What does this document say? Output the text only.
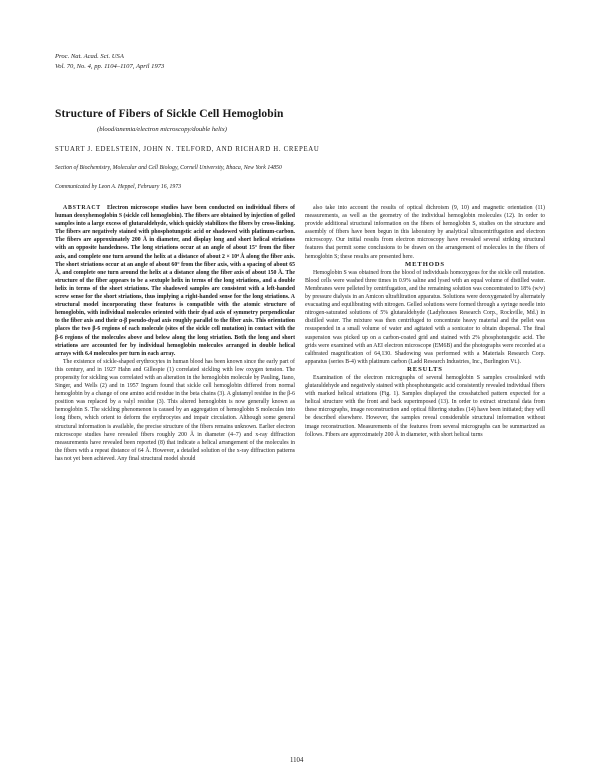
Proc. Nat. Acad. Sci. USA
Vol. 70, No. 4, pp. 1104–1107, April 1973
Structure of Fibers of Sickle Cell Hemoglobin
(blood/anemia/electron microscopy/double helix)
STUART J. EDELSTEIN, JOHN N. TELFORD, AND RICHARD H. CREPEAU
Section of Biochemistry, Molecular and Cell Biology, Cornell University, Ithaca, New York 14850
Communicated by Leon A. Heppel, February 16, 1973

ABSTRACT Electron microscope studies have been conducted on individual fibers of human deoxyhemoglobin S (sickle cell hemoglobin). The fibers are obtained by injection of gelled samples into a large excess of glutaraldehyde, which quickly stabilizes the fibers by cross-linking. The fibers are negatively stained with phosphotungstic acid or shadowed with platinum-carbon. The fibers are approximately 200 Å in diameter, and display long and short helical striations with an opposite handedness. The long striations occur at an angle of about 15° from the fiber axis, and complete one turn around the helix at a distance of about 2 × 10⁴ Å along the fiber axis. The short striations occur at an angle of about 60° from the fiber axis, with a spacing of about 65 Å, and complete one turn around the helix at a distance along the fiber axis of about 150 Å. The structure of the fiber appears to be a sextuple helix in terms of the long striations, and a double helix in terms of the short striations. The shadowed samples are consistent with a left-handed screw sense for the short striations, thus implying a right-handed sense for the long striations. A structural model incorporating these features is compatible with the atomic structure of hemoglobin, with individual molecules oriented with their dyad axis of symmetry perpendicular to the fiber axis and their α-β pseudo-dyad axis roughly parallel to the fiber axis. This orientation places the two β-6 regions of each molecule (sites of the sickle cell mutation) in contact with the β-6 regions of the molecules above and below along the long striation. Both the long and short striations are accounted for by individual hemoglobin molecules arranged in double helical arrays with 6.4 molecules per turn in each array.

The existence of sickle-shaped erythrocytes in human blood has been known since the early part of this century, and in 1927 Hahn and Gillespie (1) correlated sickling with low oxygen tension. The propensity for sickling was correlated with an alteration in the hemoglobin molecule by Pauling, Itano, Singer, and Wells (2) and in 1957 Ingram found that sickle cell hemoglobin differed from normal hemoglobin by a change of one amino acid residue in the beta chains (3). A glutamyl residue in the β-6 position was replaced by a valyl residue (3). This altered hemoglobin is now generally known as hemoglobin S. The sickling phenomenon is caused by an aggregation of hemoglobin S molecules into long fibers, which orient to deform the erythrocytes and impair circulation. Although some general structural information is available, the precise structure of the fibers remains unknown. Earlier electron microscope studies have revealed fibers roughly 200 Å in diameter (4–7) and x-ray diffraction measurements have revealed been reported (8) that indicate a helical arrangement of the molecules in the fibers with a repeat distance of 64 Å. However, a detailed solution of the x-ray diffraction patterns has not yet been achieved. Any final structural model should

also take into account the results of optical dichroism (9, 10) and magnetic orientation (11) measurements, as well as the geometry of the individual hemoglobin molecules (12). In order to provide additional structural information on the fibers of hemoglobin S, studies on the structure and assembly of fibers have been begun in this laboratory by analytical ultracentrifugation and electron microscopy. Our initial results from electron microscopy have revealed several striking structural features that permit some conclusions to be drawn on the arrangement of molecules in the fibers of hemoglobin S; these results are presented here.

METHODS

Hemoglobin S was obtained from the blood of individuals homozygous for the sickle cell mutation. Blood cells were washed three times in 0.9% saline and lysed with an equal volume of distilled water. Membranes were pelleted by centrifugation, and the remaining solution was concentrated to 18% (w/v) by pressure dialysis in an Amicon ultrafiltration apparatus. Solutions were deoxygenated by alternately evacuating and equilibrating with nitrogen. Gelled solutions were formed through a syringe needle into nitrogen-saturated solutions of 5% glutaraldehyde (Ladyhouses Research Corp., Rockville, Md.) in distilled water. The mixture was then centrifuged to concentrate heavy material and the pellet was resuspended in a small volume of water and agitated with a sonicator to obtain dispersal. The final suspension was picked up on a carbon-coated grid and stained with 2% phosphotungstic acid. The grids were examined with an AEI electron microscope (EM6B) and the photographs were recorded at a calibrated magnification of 64,130. Shadowing was performed with a Materials Research Corp. apparatus (series B-4) with platinum carbon (Ladd Research Industries, Inc., Burlington Vt.).

RESULTS

Examination of the electron micrographs of several hemoglobin S samples crosslinked with glutaraldehyde and negatively stained with phosphotungstic acid consistently revealed individual fibers with marked helical striations (Fig. 1). Samples displayed the crosshatched pattern expected for a helical structure with the front and back superimposed (13). In order to extract structural data from these micrographs, image reconstruction and optical filtering studies (14) have been initiated; they will be described elsewhere. However, the samples reveal considerable structural information without image reconstruction. Measurements of the features from several micrographs can be summarized as follows. Fibers are approximately 200 Å in diameter, with short helical turns

1104
